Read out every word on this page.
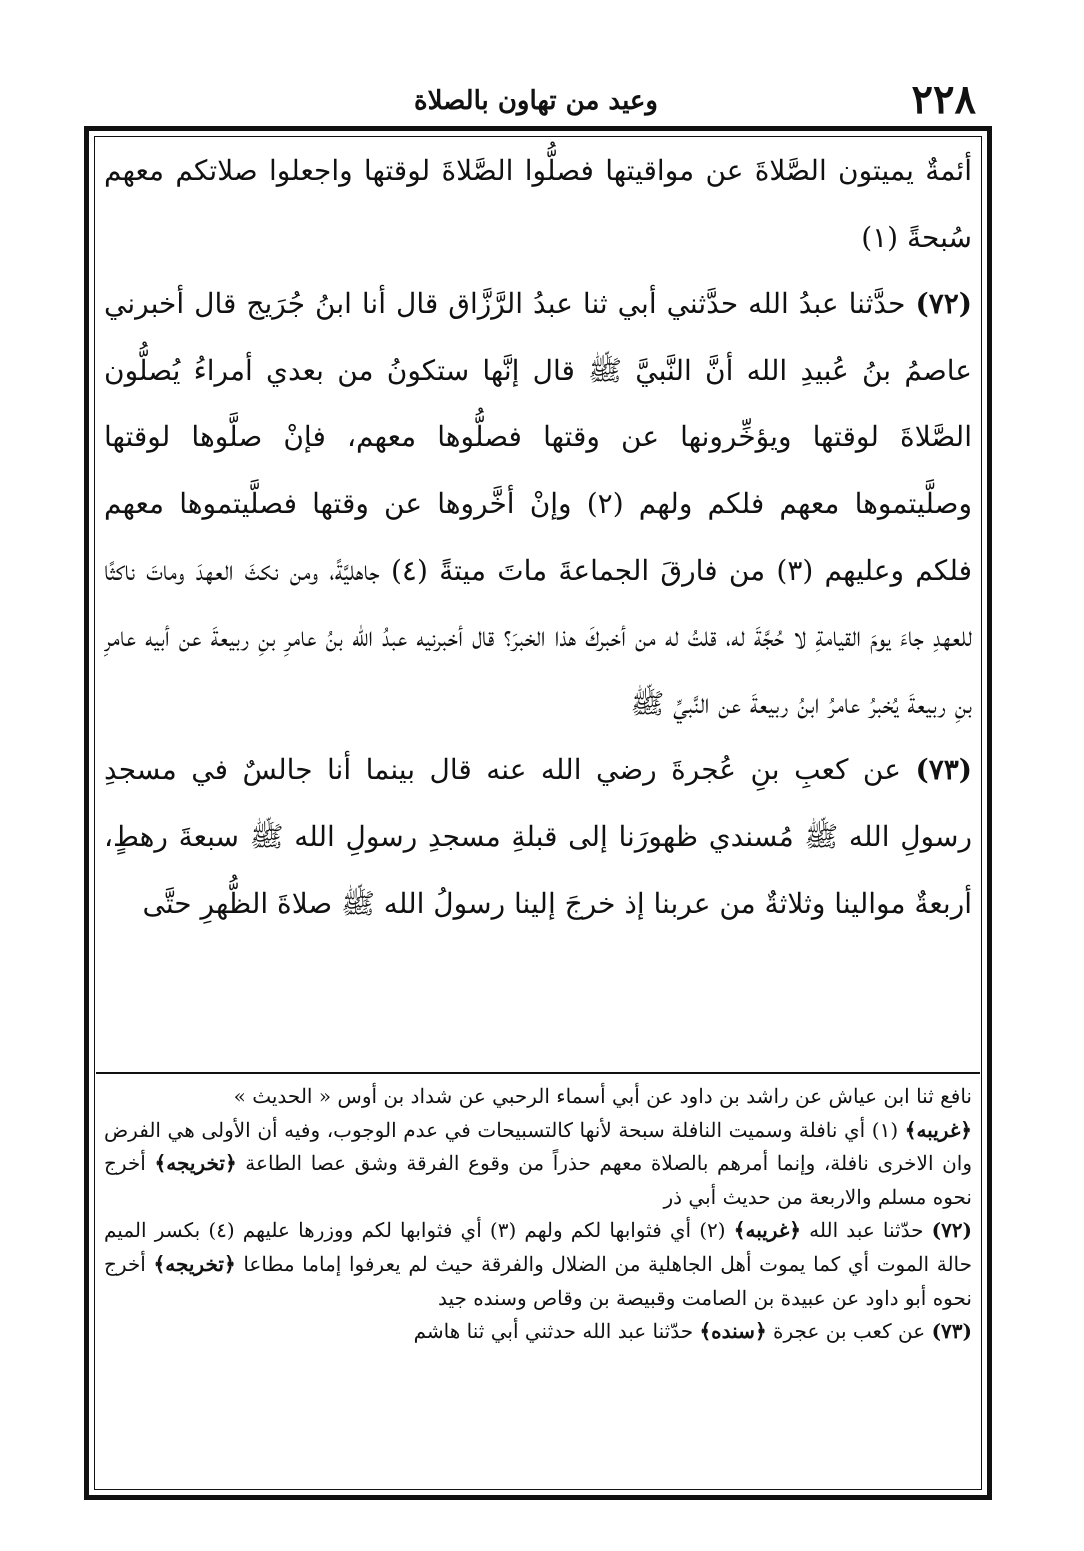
٢٢٨
وعيد من تهاون بالصلاة

أئمةٌ يميتون الصَّلاةَ عن مواقيتها فصلُّوا الصَّلاةَ لوقتها واجعلوا صلاتكم معهم سُبحةً (١)

(٧٢) حدَّثنا عبدُ الله حدَّثني أبي ثنا عبدُ الرَّزَّاق قال أنا ابنُ جُرَيج قال أخبرني عاصمُ بنُ عُبيدِ الله أنَّ النَّبيَّ ﷺ قال إنَّها ستكونُ من بعدي أمراءُ يُصلُّون الصَّلاةَ لوقتها ويؤخِّرونها عن وقتها فصلُّوها معهم، فإنْ صلَّوها لوقتها وصلَّيتموها معهم فلكم ولهم (٢) وإنْ أخَّروها عن وقتها فصلَّيتموها معهم فلكم وعليهم (٣) من فارقَ الجماعةَ ماتَ ميتةً (٤) جاهليَّةً، ومن نكثَ العهدَ وماتَ ناكثًا للعهدِ جاءَ يومَ القيامةِ لا حُجَّةَ له، قلتُ له من أخبركَ هذا الخبرَ؟ قال أخبرنيه عبدُ الله بنُ عامرِ بنِ ربيعةَ عن أبيه عامرِ بنِ ربيعةَ يُخبرُ عامرُ ابنُ ربيعةَ عن النَّبيِّ ﷺ

(٧٣) عن كعبِ بنِ عُجرةَ رضي الله عنه قال بينما أنا جالسٌ في مسجدِ رسولِ الله ﷺ مُسندي ظهورَنا إلى قبلةِ مسجدِ رسولِ الله ﷺ سبعةَ رهطٍ، أربعةٌ موالينا وثلاثةٌ من عربنا إذ خرجَ إلينا رسولُ الله ﷺ صلاةَ الظُّهرِ حتَّى

نافع ثنا ابن عياش عن راشد بن داود عن أبي أسماء الرحبي عن شداد بن أوس « الحديث »

﴿غريبه﴾ (١) أي نافلة وسميت النافلة سبحة لأنها كالتسبيحات في عدم الوجوب، وفيه أن الأولى هي الفرض وان الاخرى نافلة، وإنما أمرهم بالصلاة معهم حذراً من وقوع الفرقة وشق عصا الطاعة ﴿تخريجه﴾ أخرج نحوه مسلم والاربعة من حديث أبي ذر

(٧٢) حدّثنا عبد الله ﴿غريبه﴾ (٢) أي فثوابها لكم ولهم (٣) أي فثوابها لكم ووزرها عليهم (٤) بكسر الميم حالة الموت أي كما يموت أهل الجاهلية من الضلال والفرقة حيث لم يعرفوا إماما مطاعا ﴿تخريجه﴾ أخرج نحوه أبو داود عن عبيدة بن الصامت وقبيصة بن وقاص وسنده جيد

(٧٣) عن كعب بن عجرة ﴿سنده﴾ حدّثنا عبد الله حدثني أبي ثنا هاشم
